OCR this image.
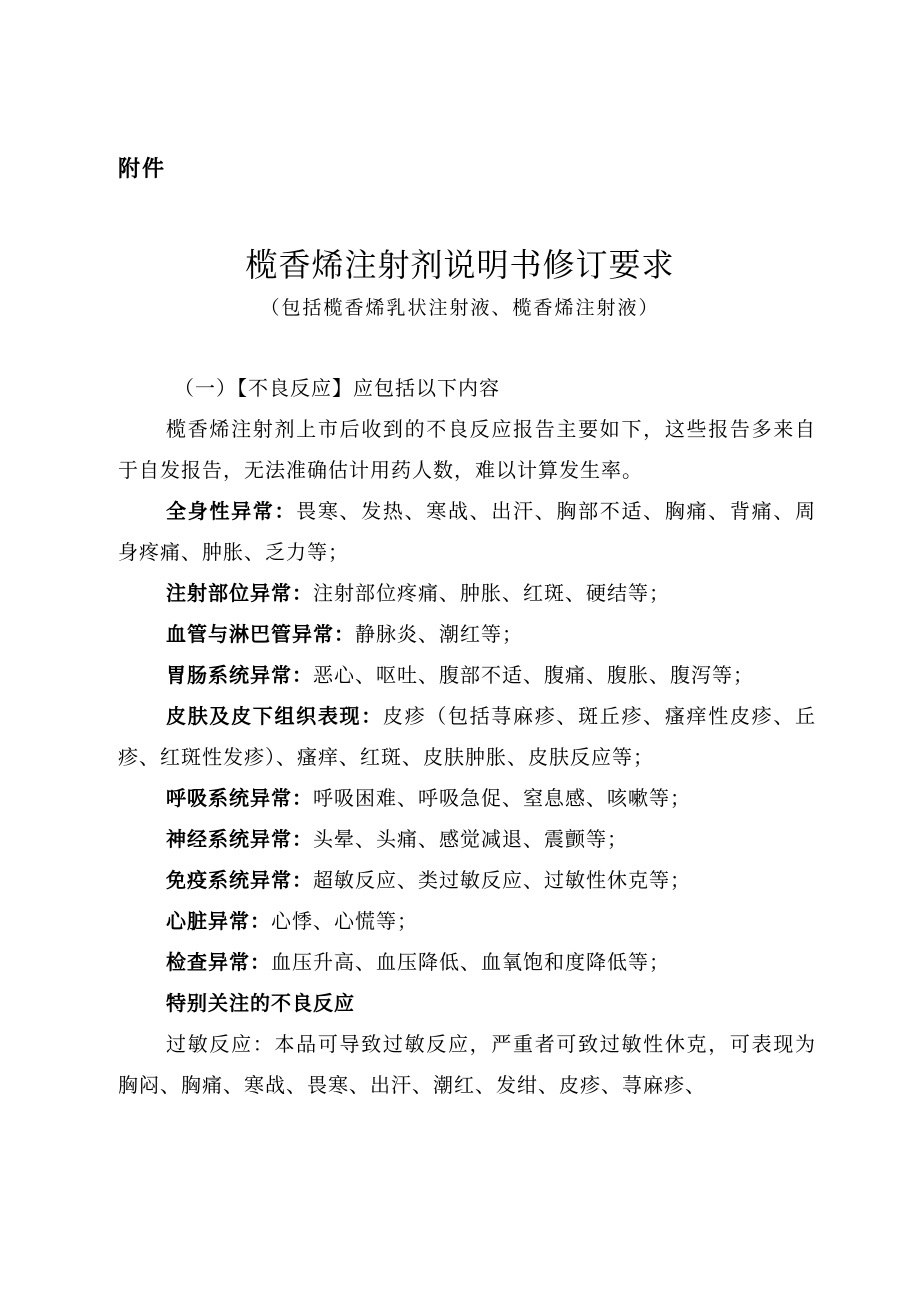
附件
榄香烯注射剂说明书修订要求
（包括榄香烯乳状注射液、榄香烯注射液）

（一）【不良反应】应包括以下内容

榄香烯注射剂上市后收到的不良反应报告主要如下，这些报告多来自于自发报告，无法准确估计用药人数，难以计算发生率。

全身性异常：畏寒、发热、寒战、出汗、胸部不适、胸痛、背痛、周身疼痛、肿胀、乏力等；

注射部位异常：注射部位疼痛、肿胀、红斑、硬结等；

血管与淋巴管异常：静脉炎、潮红等；

胃肠系统异常：恶心、呕吐、腹部不适、腹痛、腹胀、腹泻等；

皮肤及皮下组织表现：皮疹（包括荨麻疹、斑丘疹、瘙痒性皮疹、丘疹、红斑性发疹）、瘙痒、红斑、皮肤肿胀、皮肤反应等；

呼吸系统异常：呼吸困难、呼吸急促、窒息感、咳嗽等；

神经系统异常：头晕、头痛、感觉减退、震颤等；

免疫系统异常：超敏反应、类过敏反应、过敏性休克等；

心脏异常：心悸、心慌等；

检查异常：血压升高、血压降低、血氧饱和度降低等；

特别关注的不良反应

过敏反应：本品可导致过敏反应，严重者可致过敏性休克，可表现为胸闷、胸痛、寒战、畏寒、出汗、潮红、发绀、皮疹、荨麻疹、
